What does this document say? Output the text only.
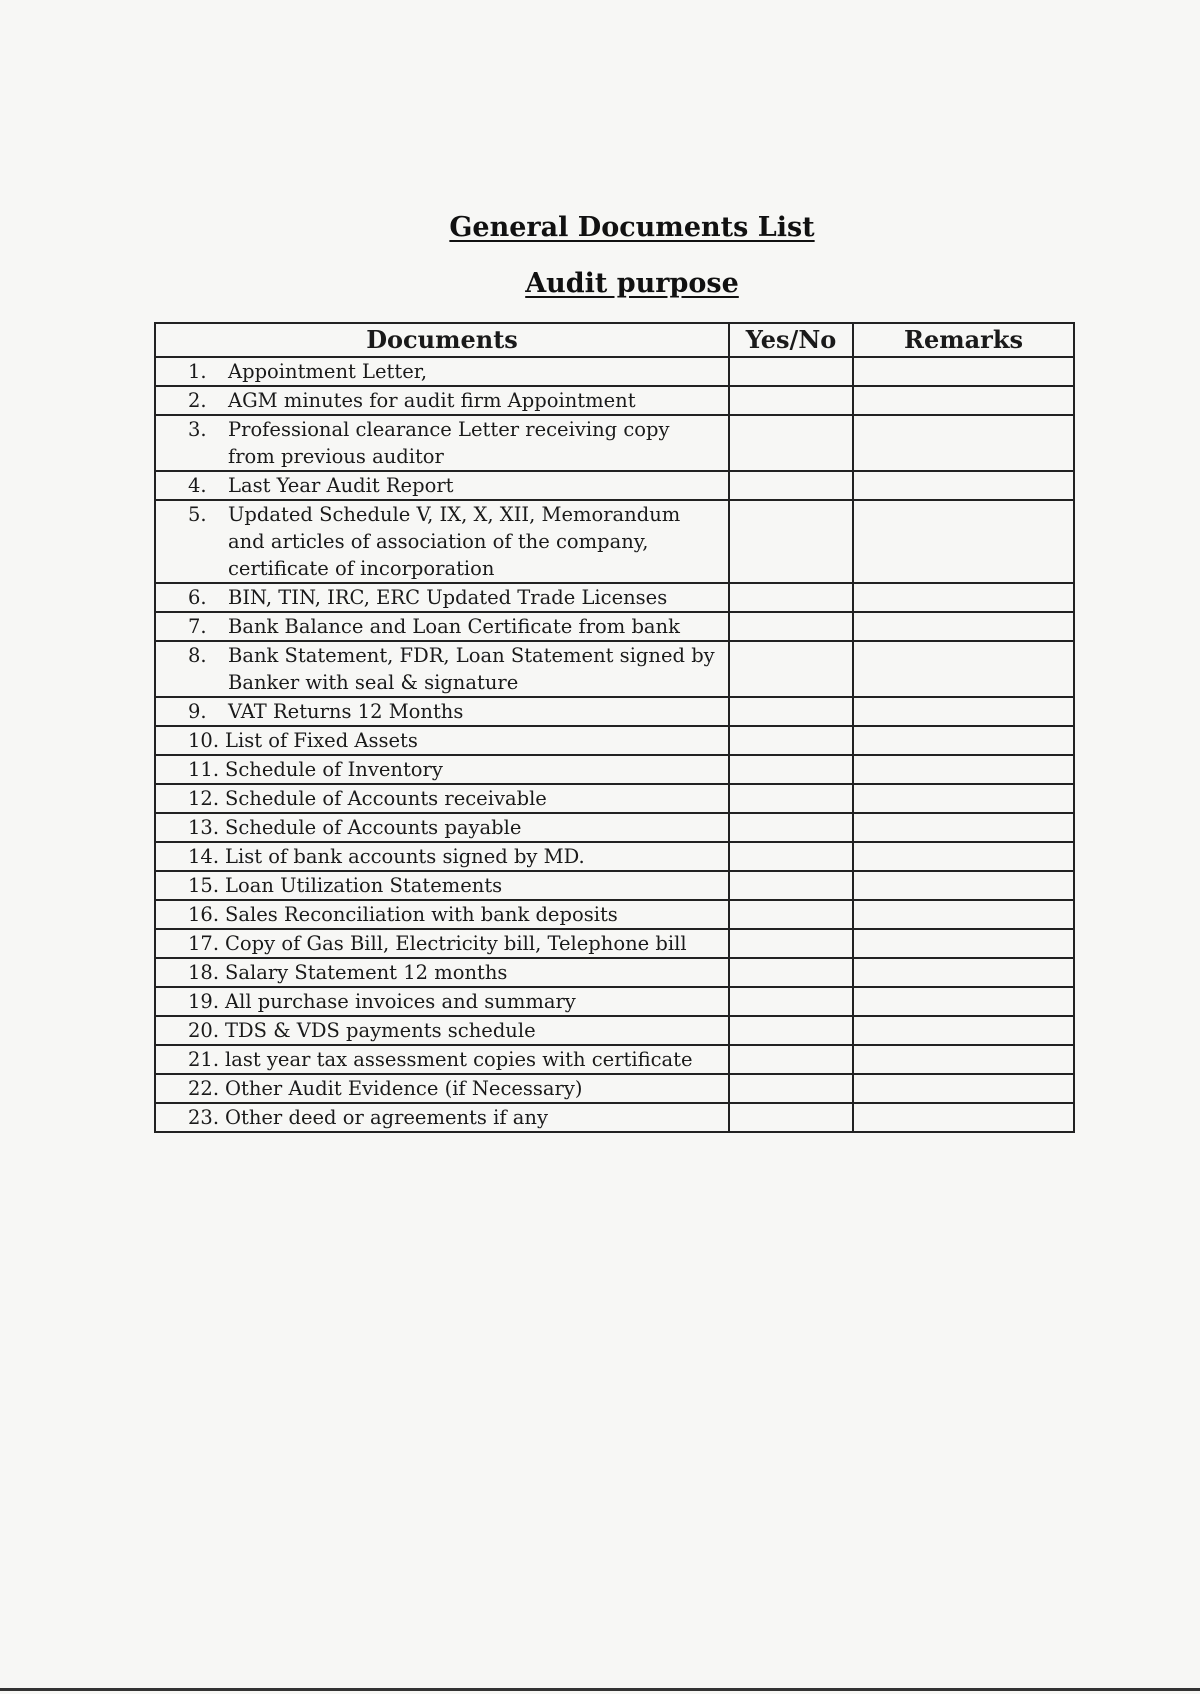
General Documents List
Audit purpose
Documents	Yes/No	Remarks

1. Appointment Letter,		

2. AGM minutes for audit firm Appointment		

3. Professional clearance Letter receiving copy from previous auditor		

4. Last Year Audit Report		

5. Updated Schedule V, IX, X, XII, Memorandum and articles of association of the company, certificate of incorporation		

6. BIN, TIN, IRC, ERC Updated Trade Licenses		

7. Bank Balance and Loan Certificate from bank		

8. Bank Statement, FDR, Loan Statement signed by Banker with seal & signature		

9. VAT Returns 12 Months		

10. List of Fixed Assets		

11. Schedule of Inventory		

12. Schedule of Accounts receivable		

13. Schedule of Accounts payable		

14. List of bank accounts signed by MD.		

15. Loan Utilization Statements		

16. Sales Reconciliation with bank deposits		

17. Copy of Gas Bill, Electricity bill, Telephone bill		

18. Salary Statement 12 months		

19. All purchase invoices and summary		

20. TDS & VDS payments schedule		

21. last year tax assessment copies with certificate		

22. Other Audit Evidence (if Necessary)		

23. Other deed or agreements if any		
